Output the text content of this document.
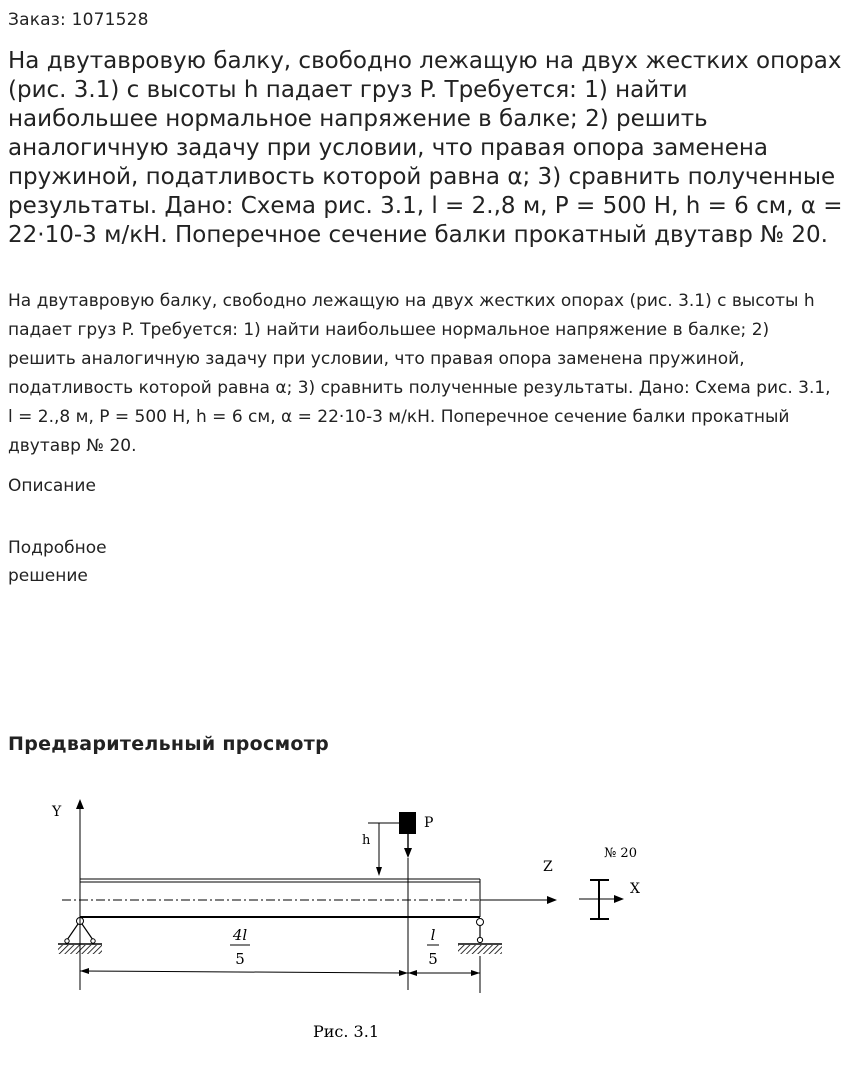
Заказ: 1071528
На двутавровую балку, свободно лежащую на двух жестких опорах (рис. 3.1) с высоты h падает груз P. Требуется: 1) найти наибольшее нормальное напряжение в балке; 2) решить аналогичную задачу при условии, что правая опора заменена пружиной, податливость которой равна α; 3) сравнить полученные результаты. Дано: Схема рис. 3.1, l = 2.,8 м, P = 500 Н, h = 6 см, α = 22·10-3 м/кН. Поперечное сечение балки прокатный двутавр № 20.

На двутавровую балку, свободно лежащую на двух жестких опорах (рис. 3.1) с высоты h падает груз P. Требуется: 1) найти наибольшее нормальное напряжение в балке; 2) решить аналогичную задачу при условии, что правая опора заменена пружиной, податливость которой равна α; 3) сравнить полученные результаты. Дано: Схема рис. 3.1, l = 2.,8 м, P = 500 Н, h = 6 см, α = 22·10-3 м/кН. Поперечное сечение балки прокатный двутавр № 20.

Описание
Подробное решение
Предварительный просмотр
Y
Z
P
h
4l
5
l
5
№ 20
X
Рис. 3.1
